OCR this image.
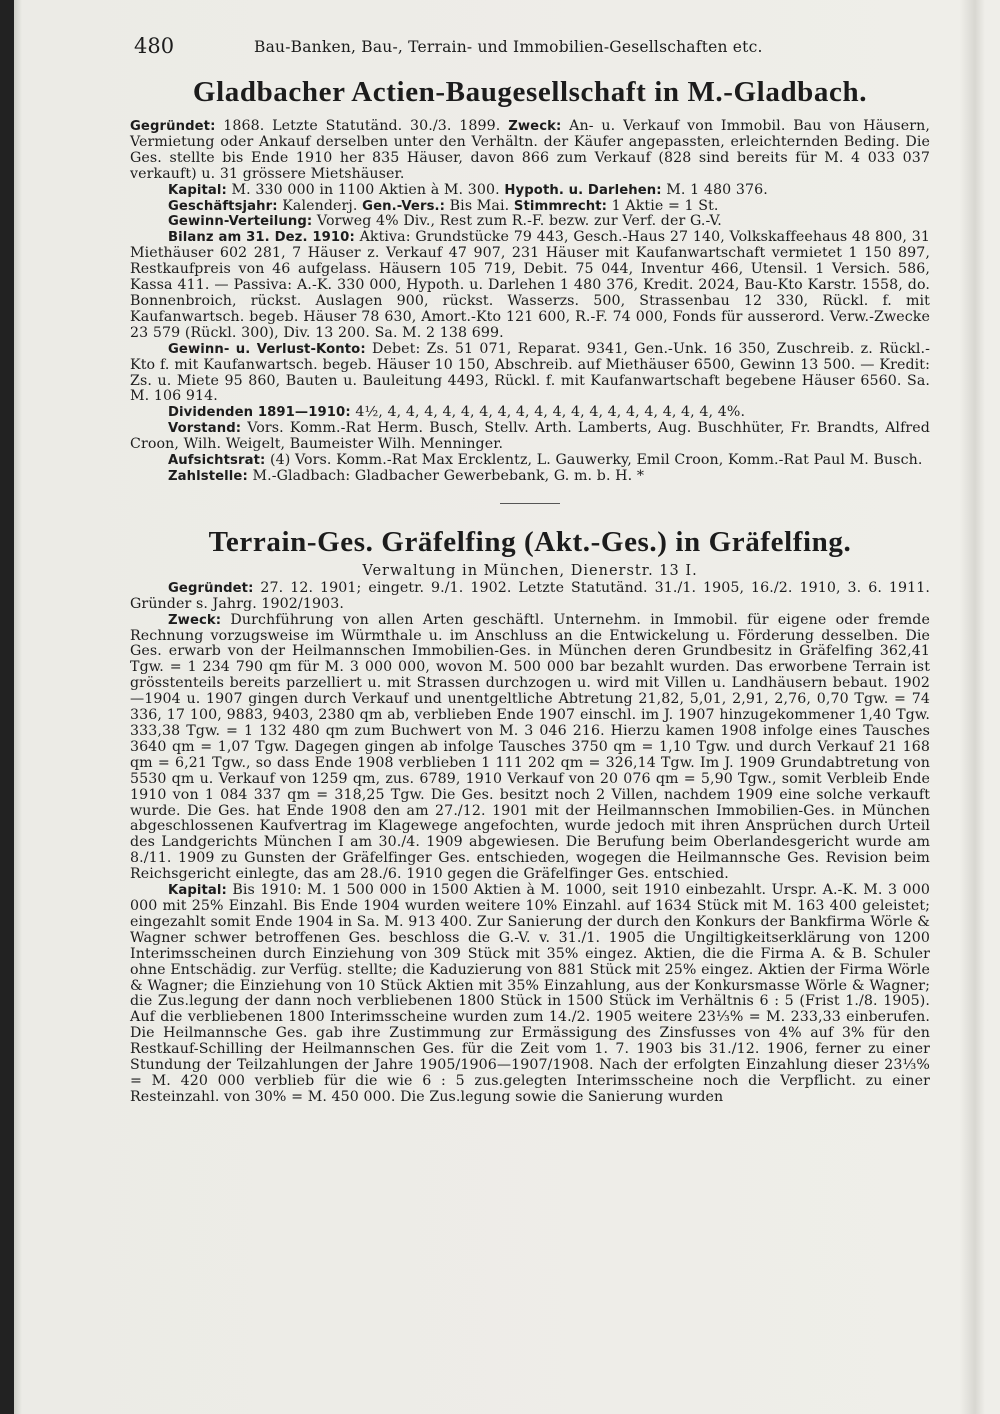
480	Bau-Banken, Bau-, Terrain- und Immobilien-Gesellschaften etc.
Gladbacher Actien-Baugesellschaft in M.-Gladbach.

Gegründet: 1868. Letzte Statutänd. 30./3. 1899. Zweck: An- u. Verkauf von Immobil. Bau von Häusern, Vermietung oder Ankauf derselben unter den Verhältn. der Käufer angepassten, erleichternden Beding. Die Ges. stellte bis Ende 1910 her 835 Häuser, davon 866 zum Verkauf (828 sind bereits für M. 4 033 037 verkauft) u. 31 grössere Mietshäuser.

Kapital: M. 330 000 in 1100 Aktien à M. 300. Hypoth. u. Darlehen: M. 1 480 376.

Geschäftsjahr: Kalenderj. Gen.-Vers.: Bis Mai. Stimmrecht: 1 Aktie = 1 St.

Gewinn-Verteilung: Vorweg 4% Div., Rest zum R.-F. bezw. zur Verf. der G.-V.

Bilanz am 31. Dez. 1910: Aktiva: Grundstücke 79 443, Gesch.-Haus 27 140, Volkskaffeehaus 48 800, 31 Miethäuser 602 281, 7 Häuser z. Verkauf 47 907, 231 Häuser mit Kaufanwartschaft vermietet 1 150 897, Restkaufpreis von 46 aufgelass. Häusern 105 719, Debit. 75 044, Inventur 466, Utensil. 1 Versich. 586, Kassa 411. — Passiva: A.-K. 330 000, Hypoth. u. Darlehen 1 480 376, Kredit. 2024, Bau-Kto Karstr. 1558, do. Bonnenbroich, rückst. Auslagen 900, rückst. Wasserzs. 500, Strassenbau 12 330, Rückl. f. mit Kaufanwartsch. begeb. Häuser 78 630, Amort.-Kto 121 600, R.-F. 74 000, Fonds für ausserord. Verw.-Zwecke 23 579 (Rückl. 300), Div. 13 200. Sa. M. 2 138 699.

Gewinn- u. Verlust-Konto: Debet: Zs. 51 071, Reparat. 9341, Gen.-Unk. 16 350, Zuschreib. z. Rückl.-Kto f. mit Kaufanwartsch. begeb. Häuser 10 150, Abschreib. auf Miethäuser 6500, Gewinn 13 500. — Kredit: Zs. u. Miete 95 860, Bauten u. Bauleitung 4493, Rückl. f. mit Kaufanwartschaft begebene Häuser 6560. Sa. M. 106 914.

Dividenden 1891—1910: 4½, 4, 4, 4, 4, 4, 4, 4, 4, 4, 4, 4, 4, 4, 4, 4, 4, 4, 4, 4%.

Vorstand: Vors. Komm.-Rat Herm. Busch, Stellv. Arth. Lamberts, Aug. Buschhüter, Fr. Brandts, Alfred Croon, Wilh. Weigelt, Baumeister Wilh. Menninger.

Aufsichtsrat: (4) Vors. Komm.-Rat Max Ercklentz, L. Gauwerky, Emil Croon, Komm.-Rat Paul M. Busch.

Zahlstelle: M.-Gladbach: Gladbacher Gewerbebank, G. m. b. H. *

Terrain-Ges. Gräfelfing (Akt.-Ges.) in Gräfelfing.
Verwaltung in München, Dienerstr. 13 I.

Gegründet: 27. 12. 1901; eingetr. 9./1. 1902. Letzte Statutänd. 31./1. 1905, 16./2. 1910, 3. 6. 1911. Gründer s. Jahrg. 1902/1903.

Zweck: Durchführung von allen Arten geschäftl. Unternehm. in Immobil. für eigene oder fremde Rechnung vorzugsweise im Würmthale u. im Anschluss an die Entwickelung u. Förderung desselben. Die Ges. erwarb von der Heilmannschen Immobilien-Ges. in München deren Grundbesitz in Gräfelfing 362,41 Tgw. = 1 234 790 qm für M. 3 000 000, wovon M. 500 000 bar bezahlt wurden. Das erworbene Terrain ist grösstenteils bereits parzelliert u. mit Strassen durchzogen u. wird mit Villen u. Landhäusern bebaut. 1902—1904 u. 1907 gingen durch Verkauf und unentgeltliche Abtretung 21,82, 5,01, 2,91, 2,76, 0,70 Tgw. = 74 336, 17 100, 9883, 9403, 2380 qm ab, verblieben Ende 1907 einschl. im J. 1907 hinzugekommener 1,40 Tgw. 333,38 Tgw. = 1 132 480 qm zum Buchwert von M. 3 046 216. Hierzu kamen 1908 infolge eines Tausches 3640 qm = 1,07 Tgw. Dagegen gingen ab infolge Tausches 3750 qm = 1,10 Tgw. und durch Verkauf 21 168 qm = 6,21 Tgw., so dass Ende 1908 verblieben 1 111 202 qm = 326,14 Tgw. Im J. 1909 Grundabtretung von 5530 qm u. Verkauf von 1259 qm, zus. 6789, 1910 Verkauf von 20 076 qm = 5,90 Tgw., somit Verbleib Ende 1910 von 1 084 337 qm = 318,25 Tgw. Die Ges. besitzt noch 2 Villen, nachdem 1909 eine solche verkauft wurde. Die Ges. hat Ende 1908 den am 27./12. 1901 mit der Heilmannschen Immobilien-Ges. in München abgeschlossenen Kaufvertrag im Klagewege angefochten, wurde jedoch mit ihren Ansprüchen durch Urteil des Landgerichts München I am 30./4. 1909 abgewiesen. Die Berufung beim Oberlandesgericht wurde am 8./11. 1909 zu Gunsten der Gräfelfinger Ges. entschieden, wogegen die Heilmannsche Ges. Revision beim Reichsgericht einlegte, das am 28./6. 1910 gegen die Gräfelfinger Ges. entschied.

Kapital: Bis 1910: M. 1 500 000 in 1500 Aktien à M. 1000, seit 1910 einbezahlt. Urspr. A.-K. M. 3 000 000 mit 25% Einzahl. Bis Ende 1904 wurden weitere 10% Einzahl. auf 1634 Stück mit M. 163 400 geleistet; eingezahlt somit Ende 1904 in Sa. M. 913 400. Zur Sanierung der durch den Konkurs der Bankfirma Wörle & Wagner schwer betroffenen Ges. beschloss die G.-V. v. 31./1. 1905 die Ungiltigkeitserklärung von 1200 Interimsscheinen durch Einziehung von 309 Stück mit 35% eingez. Aktien, die die Firma A. & B. Schuler ohne Entschädig. zur Verfüg. stellte; die Kaduzierung von 881 Stück mit 25% eingez. Aktien der Firma Wörle & Wagner; die Einziehung von 10 Stück Aktien mit 35% Einzahlung, aus der Konkursmasse Wörle & Wagner; die Zus.legung der dann noch verbliebenen 1800 Stück in 1500 Stück im Verhältnis 6 : 5 (Frist 1./8. 1905). Auf die verbliebenen 1800 Interimsscheine wurden zum 14./2. 1905 weitere 23⅓% = M. 233,33 einberufen. Die Heilmannsche Ges. gab ihre Zustimmung zur Ermässigung des Zinsfusses von 4% auf 3% für den Restkauf-Schilling der Heilmannschen Ges. für die Zeit vom 1. 7. 1903 bis 31./12. 1906, ferner zu einer Stundung der Teilzahlungen der Jahre 1905/1906—1907/1908. Nach der erfolgten Einzahlung dieser 23⅓% = M. 420 000 verblieb für die wie 6 : 5 zus.gelegten Interimsscheine noch die Verpflicht. zu einer Resteinzahl. von 30% = M. 450 000. Die Zus.legung sowie die Sanierung wurden
